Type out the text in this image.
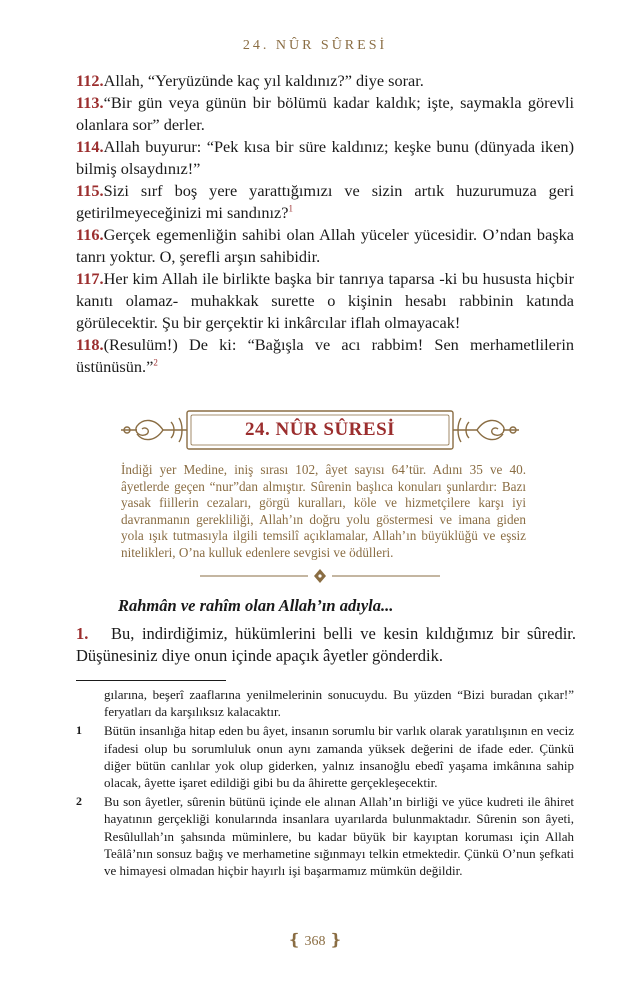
24. NÛR SÛRESİ

112.Allah, “Yeryüzünde kaç yıl kaldınız?” diye sorar.

113.“Bir gün veya günün bir bölümü kadar kaldık; işte, saymakla görevli olanlara sor” derler.

114.Allah buyurur: “Pek kısa bir süre kaldınız; keşke bunu (dünyada iken) bilmiş olsaydınız!”

115.Sizi sırf boş yere yarattığımızı ve sizin artık huzurumuza geri getirilmeyeceğinizi mi sandınız?$^1$

116.Gerçek egemenliğin sahibi olan Allah yüceler yücesidir. O’ndan başka tanrı yoktur. O, şerefli arşın sahibidir.

117.Her kim Allah ile birlikte başka bir tanrıya taparsa -ki bu hususta hiçbir kanıtı olamaz- muhakkak surette o kişinin hesabı rabbinin katında görülecektir. Şu bir gerçektir ki inkârcılar iflah olmayacak!

118.(Resulüm!) De ki: “Bağışla ve acı rabbim! Sen merhametlilerin üstünüsün.”$^2$

24. NÛR SÛRESİ
İndiği yer Medine, iniş sırası 102, âyet sayısı 64’tür. Adını 35 ve 40. âyetlerde geçen “nur”dan almıştır. Sûrenin başlıca konuları şunlardır: Bazı yasak fiillerin cezaları, görgü kuralları, köle ve hizmetçilere karşı iyi davranmanın gerekliliği, Allah’ın doğru yolu göstermesi ve imana giden yola ışık tutmasıyla ilgili temsilî açıklamalar, Allah’ın büyüklüğü ve eşsiz nitelikleri, O’na kulluk edenlere sevgisi ve ödülleri.
Rahmân ve rahîm olan Allah’ın adıyla...

1. Bu, indirdiğimiz, hükümlerini belli ve kesin kıldığımız bir sûredir. Düşünesiniz diye onun içinde apaçık âyetler gönderdik.

gılarına, beşerî zaaflarına yenilmelerinin sonucuydu. Bu yüzden “Bizi buradan çıkar!” feryatları da karşılıksız kalacaktır.

1	Bütün insanlığa hitap eden bu âyet, insanın sorumlu bir varlık olarak yaratılışının en veciz ifadesi olup bu sorumluluk onun aynı zamanda yüksek değerini de ifade eder. Çünkü diğer bütün canlılar yok olup giderken, yalnız insanoğlu ebedî yaşama imkânına sahip olacak, âyette işaret edildiği gibi bu da âhirette gerçekleşecektir.
2	Bu son âyetler, sûrenin bütünü içinde ele alınan Allah’ın birliği ve yüce kudreti ile âhiret hayatının gerçekliği konularında insanlara uyarılarda bulunmaktadır. Sûrenin son âyeti, Resûlullah’ın şahsında müminlere, bu kadar büyük bir kayıptan koruması için Allah Teâlâ’nın sonsuz bağış ve merhametine sığınmayı telkin etmektedir. Çünkü O’nun şefkati ve himayesi olmadan hiçbir hayırlı işi başarmamız mümkün değildir.
❴ 368 ❵
